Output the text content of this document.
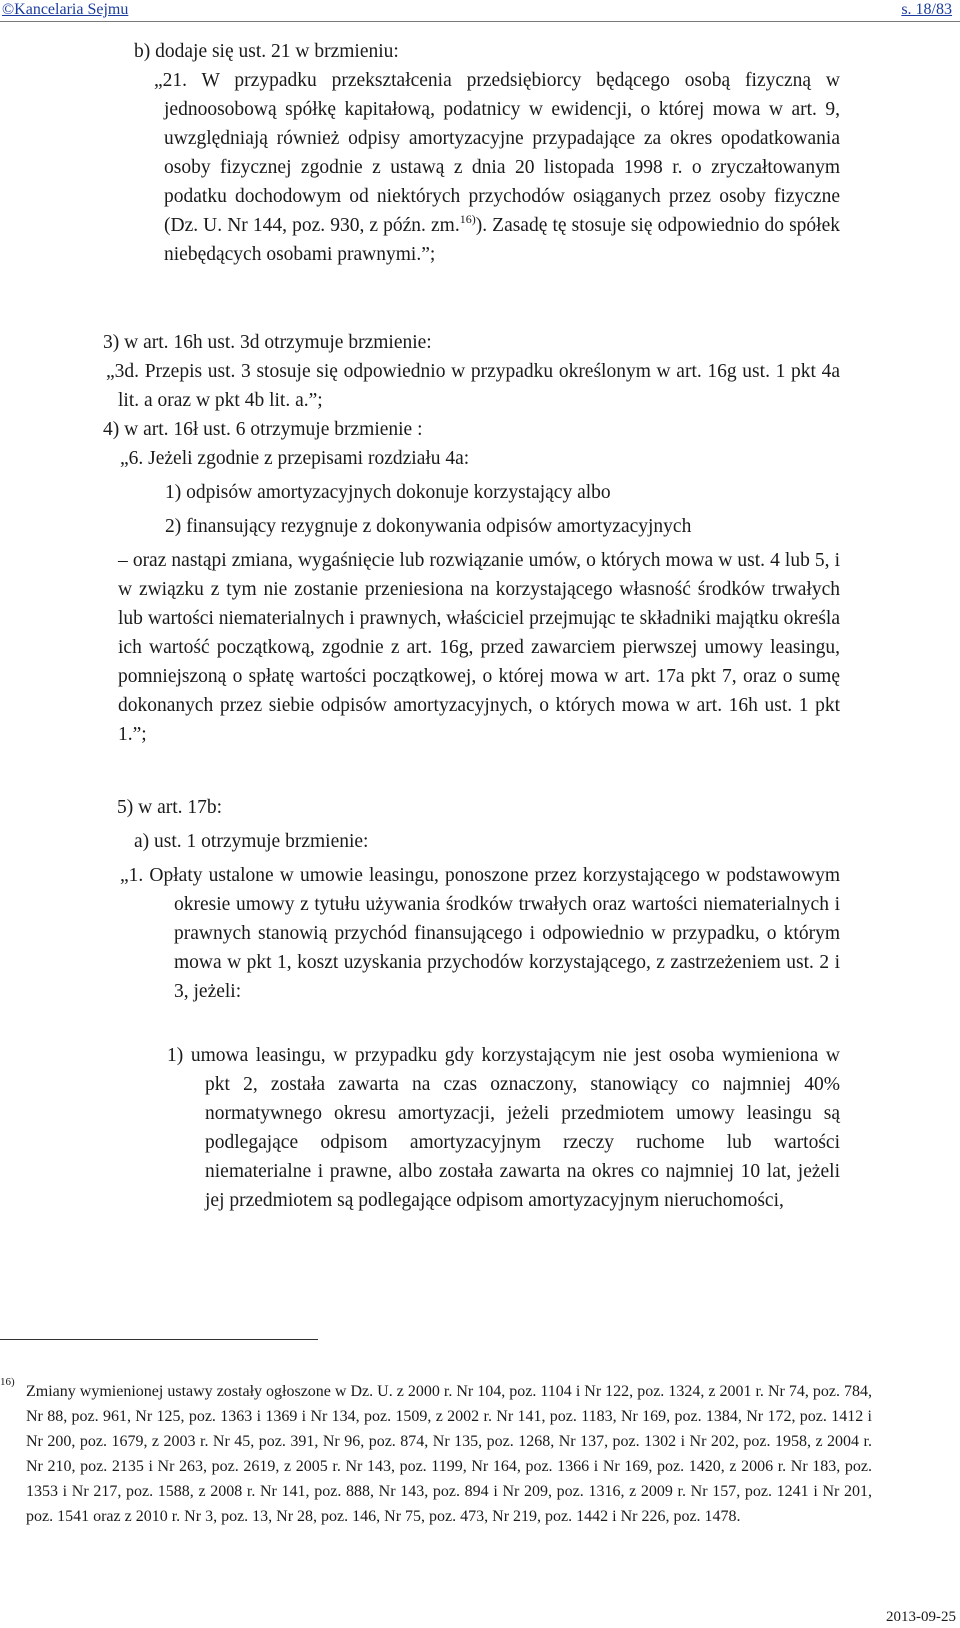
©Kancelaria Sejmu	s. 18/83

b) dodaje się ust. 21 w brzmieniu:

„21. W przypadku przekształcenia przedsiębiorcy będącego osobą fizyczną w jednoosobową spółkę kapitałową, podatnicy w ewidencji, o której mowa w art. 9, uwzględniają również odpisy amortyzacyjne przypadające za okres opodatkowania osoby fizycznej zgodnie z ustawą z dnia 20 listopada 1998 r. o zryczałtowanym podatku dochodowym od niektórych przychodów osiąganych przez osoby fizyczne (Dz. U. Nr 144, poz. 930, z późn. zm.$^{16)}$). Zasadę tę stosuje się odpowiednio do spółek niebędących osobami prawnymi.”;

3) w art. 16h ust. 3d otrzymuje brzmienie:

„3d. Przepis ust. 3 stosuje się odpowiednio w przypadku określonym w art. 16g ust. 1 pkt 4a lit. a oraz w pkt 4b lit. a.”;

4) w art. 16ł ust. 6 otrzymuje brzmienie :

„6. Jeżeli zgodnie z przepisami rozdziału 4a:

1) odpisów amortyzacyjnych dokonuje korzystający albo

2) finansujący rezygnuje z dokonywania odpisów amortyzacyjnych

– oraz nastąpi zmiana, wygaśnięcie lub rozwiązanie umów, o których mowa w ust. 4 lub 5, i w związku z tym nie zostanie przeniesiona na korzystającego własność środków trwałych lub wartości niematerialnych i prawnych, właściciel przejmując te składniki majątku określa ich wartość początkową, zgodnie z art. 16g, przed zawarciem pierwszej umowy leasingu, pomniejszoną o spłatę wartości początkowej, o której mowa w art. 17a pkt 7, oraz o sumę dokonanych przez siebie odpisów amortyzacyjnych, o których mowa w art. 16h ust. 1 pkt 1.”;

5) w art. 17b:

a) ust. 1 otrzymuje brzmienie:

„1. Opłaty ustalone w umowie leasingu, ponoszone przez korzystającego w podstawowym okresie umowy z tytułu używania środków trwałych oraz wartości niematerialnych i prawnych stanowią przychód finansującego i odpowiednio w przypadku, o którym mowa w pkt 1, koszt uzyskania przychodów korzystającego, z zastrzeżeniem ust. 2 i 3, jeżeli:

1) umowa leasingu, w przypadku gdy korzystającym nie jest osoba wymieniona w pkt 2, została zawarta na czas oznaczony, stanowiący co najmniej 40% normatywnego okresu amortyzacji, jeżeli przedmiotem umowy leasingu są podlegające odpisom amortyzacyjnym rzeczy ruchome lub wartości niematerialne i prawne, albo została zawarta na okres co najmniej 10 lat, jeżeli jej przedmiotem są podlegające odpisom amortyzacyjnym nieruchomości,

16)

Zmiany wymienionej ustawy zostały ogłoszone w Dz. U. z 2000 r. Nr 104, poz. 1104 i Nr 122, poz. 1324, z 2001 r. Nr 74, poz. 784, Nr 88, poz. 961, Nr 125, poz. 1363 i 1369 i Nr 134, poz. 1509, z 2002 r. Nr 141, poz. 1183, Nr 169, poz. 1384, Nr 172, poz. 1412 i Nr 200, poz. 1679, z 2003 r. Nr 45, poz. 391, Nr 96, poz. 874, Nr 135, poz. 1268, Nr 137, poz. 1302 i Nr 202, poz. 1958, z 2004 r. Nr 210, poz. 2135 i Nr 263, poz. 2619, z 2005 r. Nr 143, poz. 1199, Nr 164, poz. 1366 i Nr 169, poz. 1420, z 2006 r. Nr 183, poz. 1353 i Nr 217, poz. 1588, z 2008 r. Nr 141, poz. 888, Nr 143, poz. 894 i Nr 209, poz. 1316, z 2009 r. Nr 157, poz. 1241 i Nr 201, poz. 1541 oraz z 2010 r. Nr 3, poz. 13, Nr 28, poz. 146, Nr 75, poz. 473, Nr 219, poz. 1442 i Nr 226, poz. 1478.

2013-09-25
